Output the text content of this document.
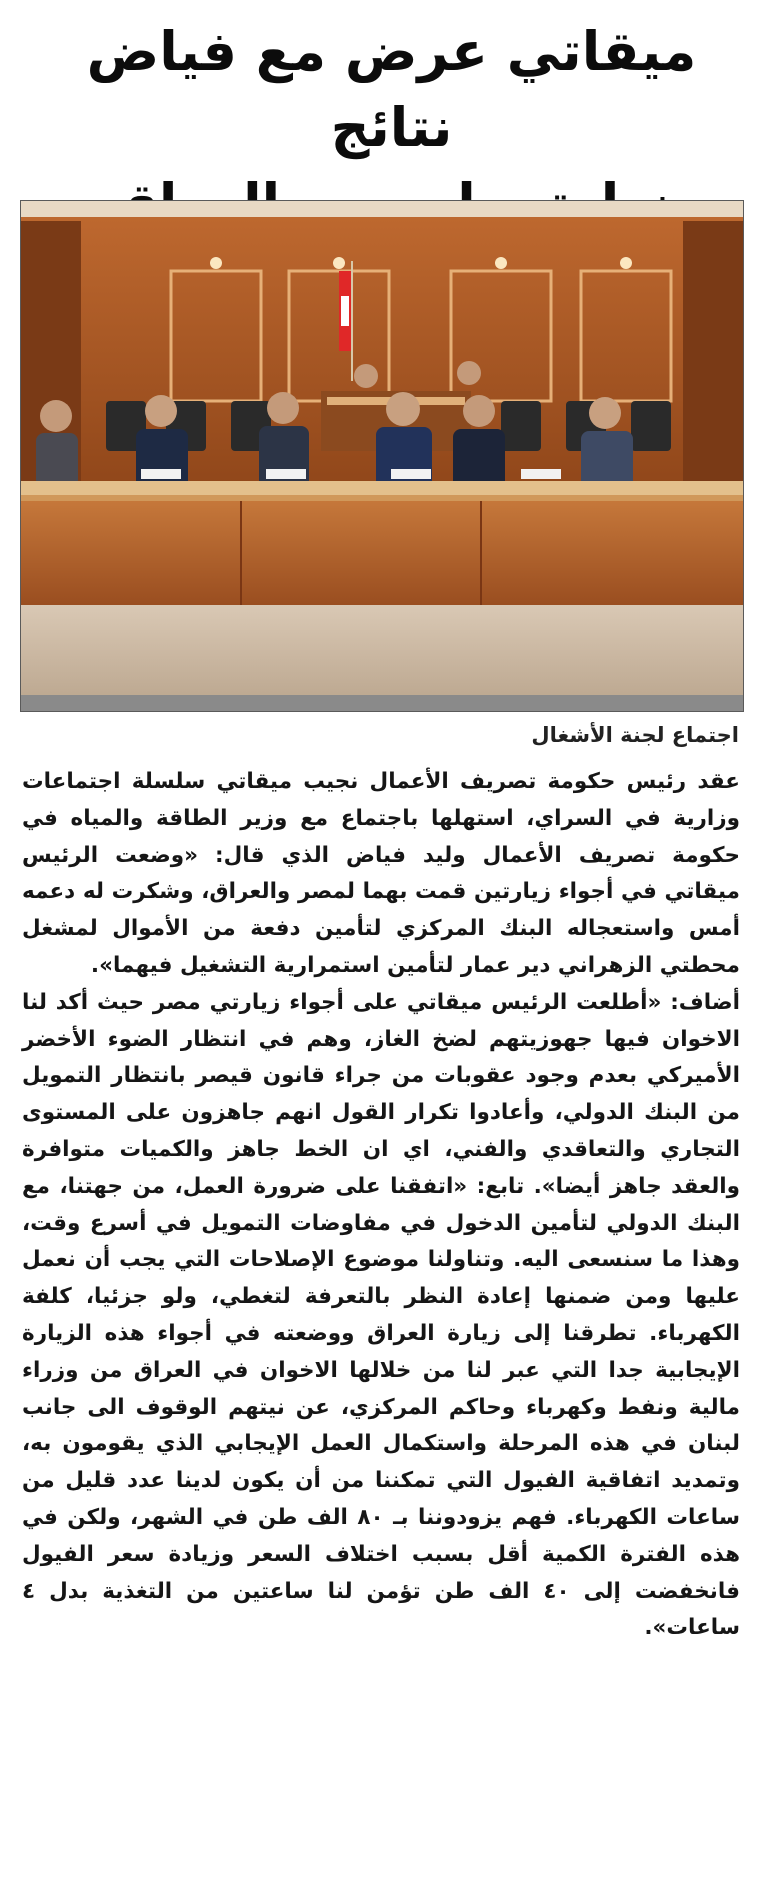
ميقاتي عرض مع فياض نتائج

اجتماع لجنة الأشغال

عقد رئيس حكومة تصريف الأعمال نجيب ميقاتي سلسلة اجتماعات وزارية في السراي، استهلها باجتماع مع وزير الطاقة والمياه في حكومة تصريف الأعمال وليد فياض الذي قال: «وضعت الرئيس ميقاتي في أجواء زيارتين قمت بهما لمصر والعراق، وشكرت له دعمه أمس واستعجاله البنك المركزي لتأمين دفعة من الأموال لمشغل محطتي الزهراني دير عمار لتأمين استمرارية التشغيل فيهما».

أضاف: «أطلعت الرئيس ميقاتي على أجواء زيارتي مصر حيث أكد لنا الاخوان فيها جهوزيتهم لضخ الغاز، وهم في انتظار الضوء الأخضر الأميركي بعدم وجود عقوبات من جراء قانون قيصر بانتظار التمويل من البنك الدولي، وأعادوا تكرار القول انهم جاهزون على المستوى التجاري والتعاقدي والفني، اي ان الخط جاهز والكميات متوافرة والعقد جاهز أيضا». تابع: «اتفقنا على ضرورة العمل، من جهتنا، مع البنك الدولي لتأمين الدخول في مفاوضات التمويل في أسرع وقت، وهذا ما سنسعى اليه. وتناولنا موضوع الإصلاحات التي يجب أن نعمل عليها ومن ضمنها إعادة النظر بالتعرفة لتغطي، ولو جزئيا، كلفة الكهرباء. تطرقنا إلى زيارة العراق ووضعته في أجواء هذه الزيارة الإيجابية جدا التي عبر لنا من خلالها الاخوان في العراق من وزراء مالية ونفط وكهرباء وحاكم المركزي، عن نيتهم الوقوف الى جانب لبنان في هذه المرحلة واستكمال العمل الإيجابي الذي يقومون به، وتمديد اتفاقية الفيول التي تمكننا من أن يكون لدينا عدد قليل من ساعات الكهرباء. فهم يزودوننا بـ ٨٠ الف طن في الشهر، ولكن في هذه الفترة الكمية أقل بسبب اختلاف السعر وزيادة سعر الفيول فانخفضت إلى ٤٠ الف طن تؤمن لنا ساعتين من التغذية بدل ٤ ساعات».
